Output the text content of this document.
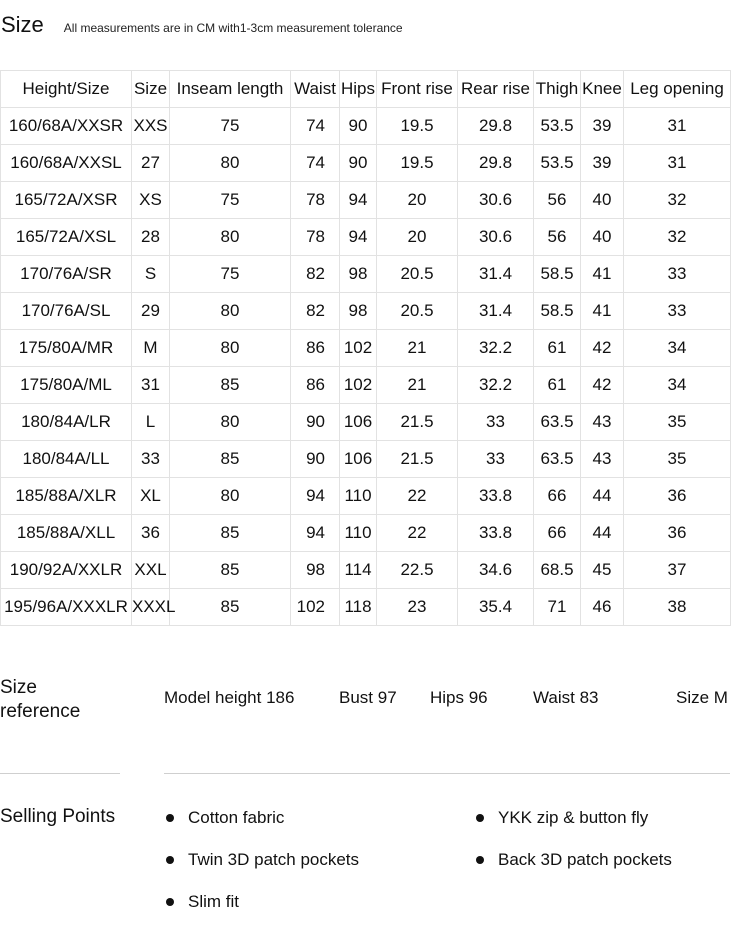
Size All measurements are in CM with1-3cm measurement tolerance
Height/Size	Size	Inseam length	Waist	Hips	Front rise	Rear rise	Thigh	Knee	Leg opening
160/68A/XXSR	XXS	75	74	90	19.5	29.8	53.5	39	31
160/68A/XXSL	27	80	74	90	19.5	29.8	53.5	39	31
165/72A/XSR	XS	75	78	94	20	30.6	56	40	32
165/72A/XSL	28	80	78	94	20	30.6	56	40	32
170/76A/SR	S	75	82	98	20.5	31.4	58.5	41	33
170/76A/SL	29	80	82	98	20.5	31.4	58.5	41	33
175/80A/MR	M	80	86	102	21	32.2	61	42	34
175/80A/ML	31	85	86	102	21	32.2	61	42	34
180/84A/LR	L	80	90	106	21.5	33	63.5	43	35
180/84A/LL	33	85	90	106	21.5	33	63.5	43	35
185/88A/XLR	XL	80	94	110	22	33.8	66	44	36
185/88A/XLL	36	85	94	110	22	33.8	66	44	36
190/92A/XXLR	XXL	85	98	114	22.5	34.6	68.5	45	37
195/96A/XXXLR	XXXL	85	102	118	23	35.4	71	46	38
Size reference
Model height 186	Bust 97 Hips 96	Waist 83	Size M
Selling Points	Cotton fabric	YKK zip & button fly
Twin 3D patch pockets	Back 3D patch pockets
Slim fit
